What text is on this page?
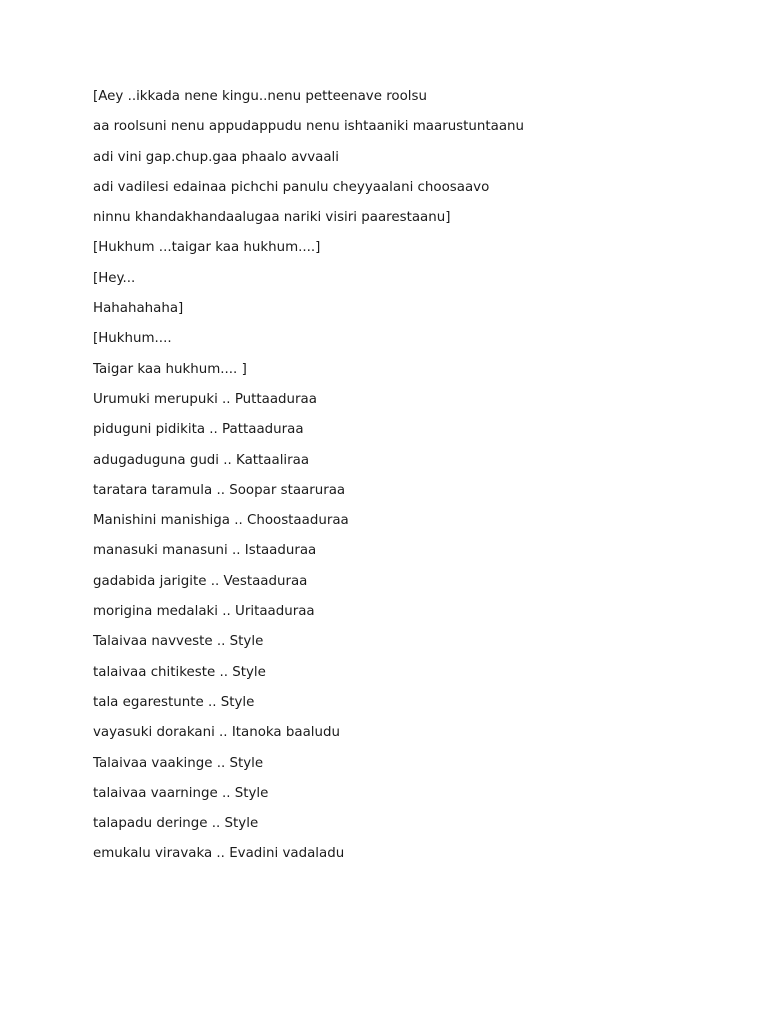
[Aey ..ikkada nene kingu..nenu petteenave roolsu
aa roolsuni nenu appudappudu nenu ishtaaniki maarustuntaanu
adi vini gap.chup.gaa phaalo avvaali
adi vadilesi edainaa pichchi panulu cheyyaalani choosaavo
ninnu khandakhandaalugaa nariki visiri paarestaanu]
[Hukhum ...taigar kaa hukhum....]
[Hey...
Hahahahaha]
[Hukhum....
Taigar kaa hukhum.... ]
Urumuki merupuki .. Puttaaduraa
piduguni pidikita .. Pattaaduraa
adugaduguna gudi .. Kattaaliraa
taratara taramula .. Soopar staaruraa
Manishini manishiga .. Choostaaduraa
manasuki manasuni .. Istaaduraa
gadabida jarigite .. Vestaaduraa
morigina medalaki .. Uritaaduraa
Talaivaa navveste .. Style
talaivaa chitikeste .. Style
tala egarestunte .. Style
vayasuki dorakani .. Itanoka baaludu
Talaivaa vaakinge .. Style
talaivaa vaarninge .. Style
talapadu deringe .. Style
emukalu viravaka .. Evadini vadaladu
